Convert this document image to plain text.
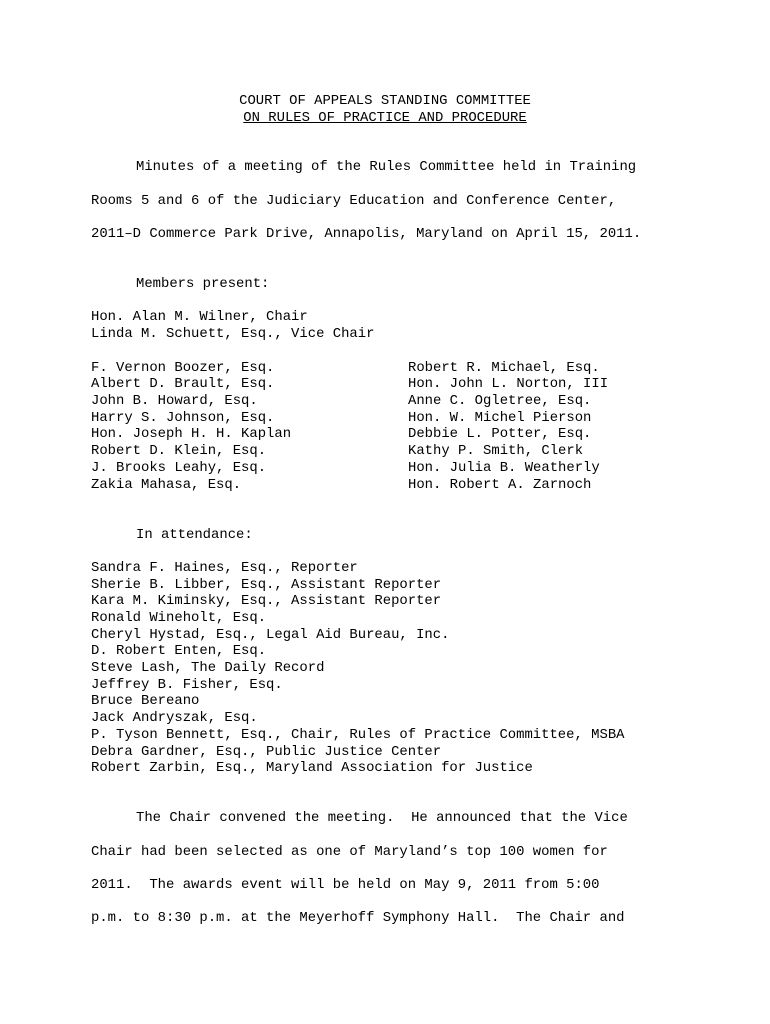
COURT OF APPEALS STANDING COMMITTEE
ON RULES OF PRACTICE AND PROCEDURE
Minutes of a meeting of the Rules Committee held in Training
Rooms 5 and 6 of the Judiciary Education and Conference Center,
2011–D Commerce Park Drive, Annapolis, Maryland on April 15, 2011.
Members present:
Hon. Alan M. Wilner, Chair
Linda M. Schuett, Esq., Vice Chair
F. Vernon Boozer, Esq.
Albert D. Brault, Esq.
John B. Howard, Esq.
Harry S. Johnson, Esq.
Hon. Joseph H. H. Kaplan
Robert D. Klein, Esq.
J. Brooks Leahy, Esq.
Zakia Mahasa, Esq.
Robert R. Michael, Esq.
Hon. John L. Norton, III
Anne C. Ogletree, Esq.
Hon. W. Michel Pierson
Debbie L. Potter, Esq.
Kathy P. Smith, Clerk
Hon. Julia B. Weatherly
Hon. Robert A. Zarnoch
In attendance:
Sandra F. Haines, Esq., Reporter
Sherie B. Libber, Esq., Assistant Reporter
Kara M. Kiminsky, Esq., Assistant Reporter
Ronald Wineholt, Esq.
Cheryl Hystad, Esq., Legal Aid Bureau, Inc.
D. Robert Enten, Esq.
Steve Lash, The Daily Record
Jeffrey B. Fisher, Esq.
Bruce Bereano
Jack Andryszak, Esq.
P. Tyson Bennett, Esq., Chair, Rules of Practice Committee, MSBA
Debra Gardner, Esq., Public Justice Center
Robert Zarbin, Esq., Maryland Association for Justice
The Chair convened the meeting.  He announced that the Vice
Chair had been selected as one of Maryland’s top 100 women for
2011.  The awards event will be held on May 9, 2011 from 5:00
p.m. to 8:30 p.m. at the Meyerhoff Symphony Hall.  The Chair and
